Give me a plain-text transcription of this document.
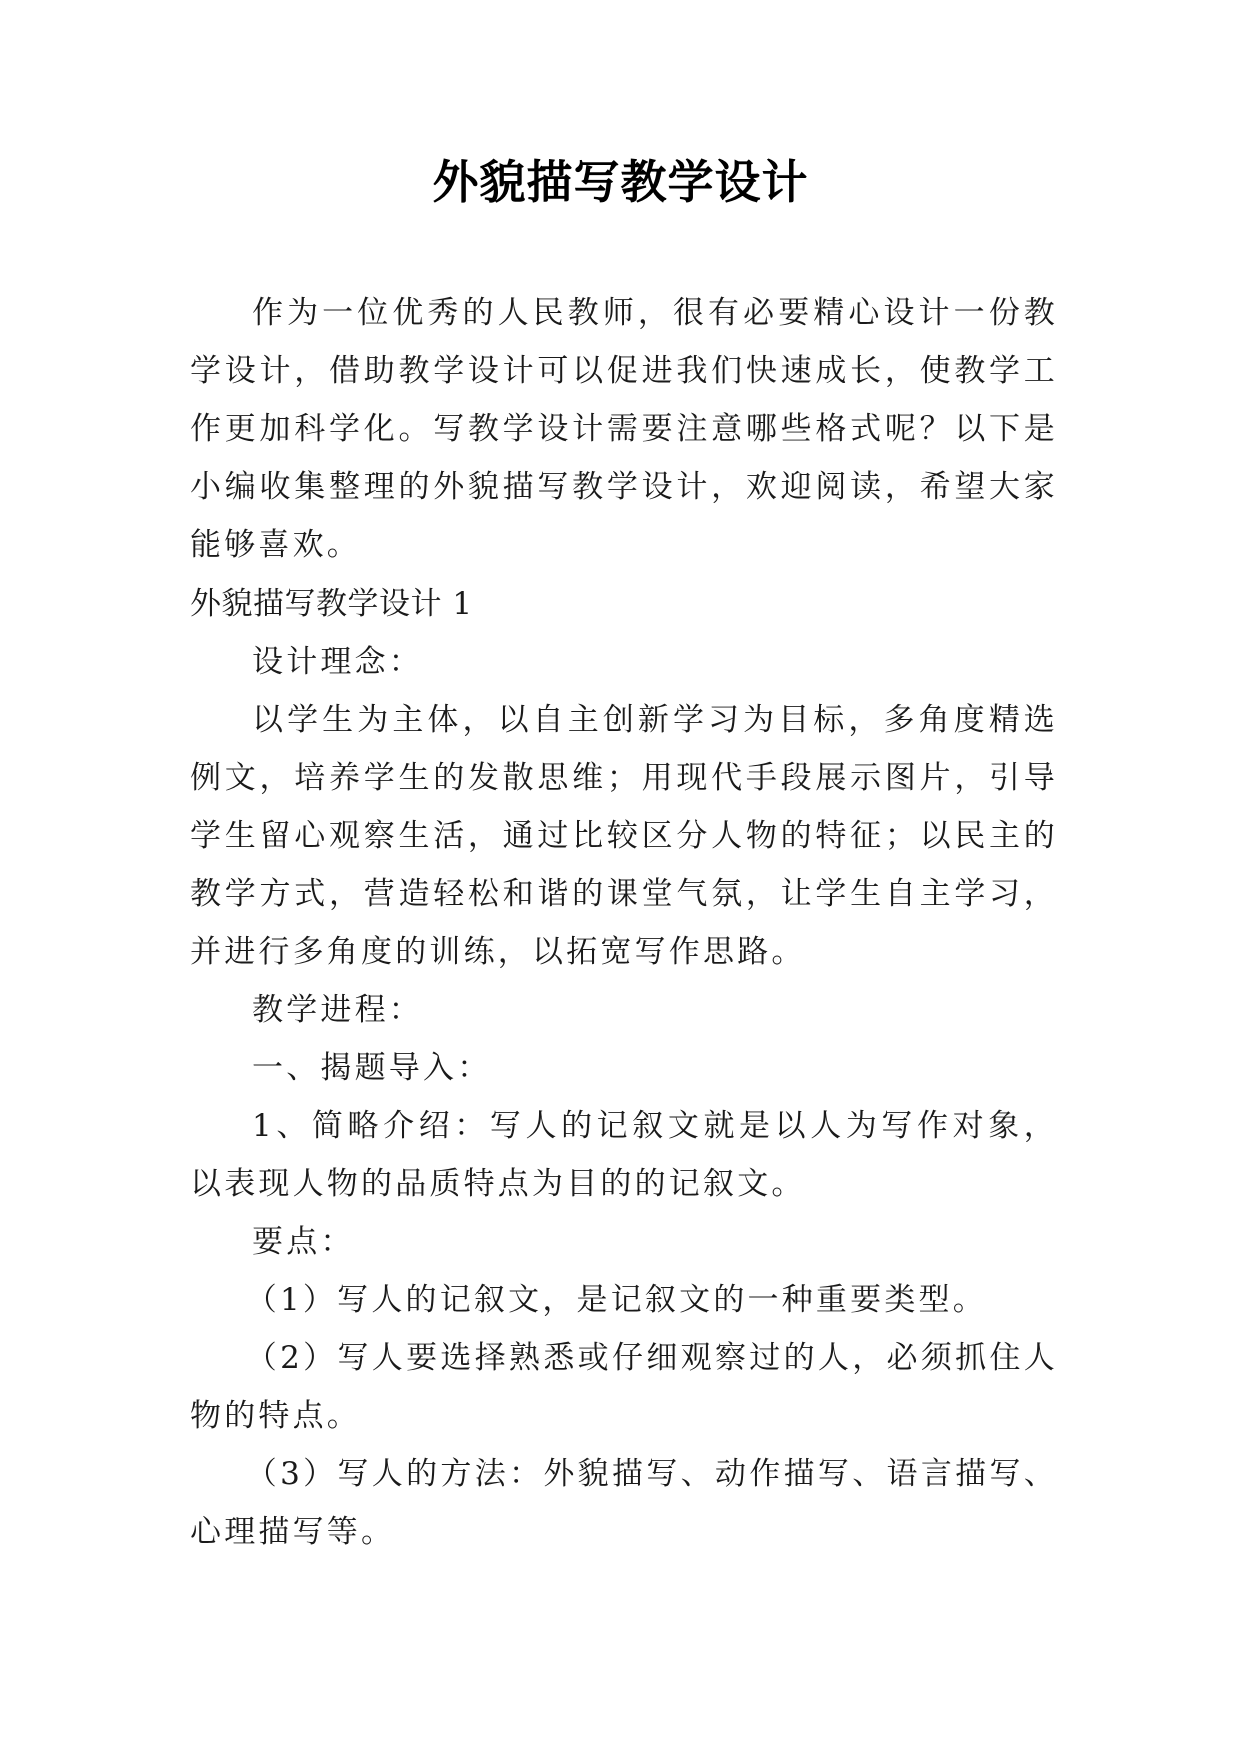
外貌描写教学设计

作为一位优秀的人民教师，很有必要精心设计一份教学设计，借助教学设计可以促进我们快速成长，使教学工作更加科学化。写教学设计需要注意哪些格式呢？以下是小编收集整理的外貌描写教学设计，欢迎阅读，希望大家能够喜欢。

外貌描写教学设计 1

设计理念：

以学生为主体，以自主创新学习为目标，多角度精选例文，培养学生的发散思维；用现代手段展示图片，引导学生留心观察生活，通过比较区分人物的特征；以民主的教学方式，营造轻松和谐的课堂气氛，让学生自主学习，并进行多角度的训练，以拓宽写作思路。

教学进程：

一、揭题导入：

1、简略介绍：写人的记叙文就是以人为写作对象，以表现人物的品质特点为目的的记叙文。

要点：

（1）写人的记叙文，是记叙文的一种重要类型。

（2）写人要选择熟悉或仔细观察过的人，必须抓住人物的特点。

（3）写人的方法：外貌描写、动作描写、语言描写、心理描写等。
